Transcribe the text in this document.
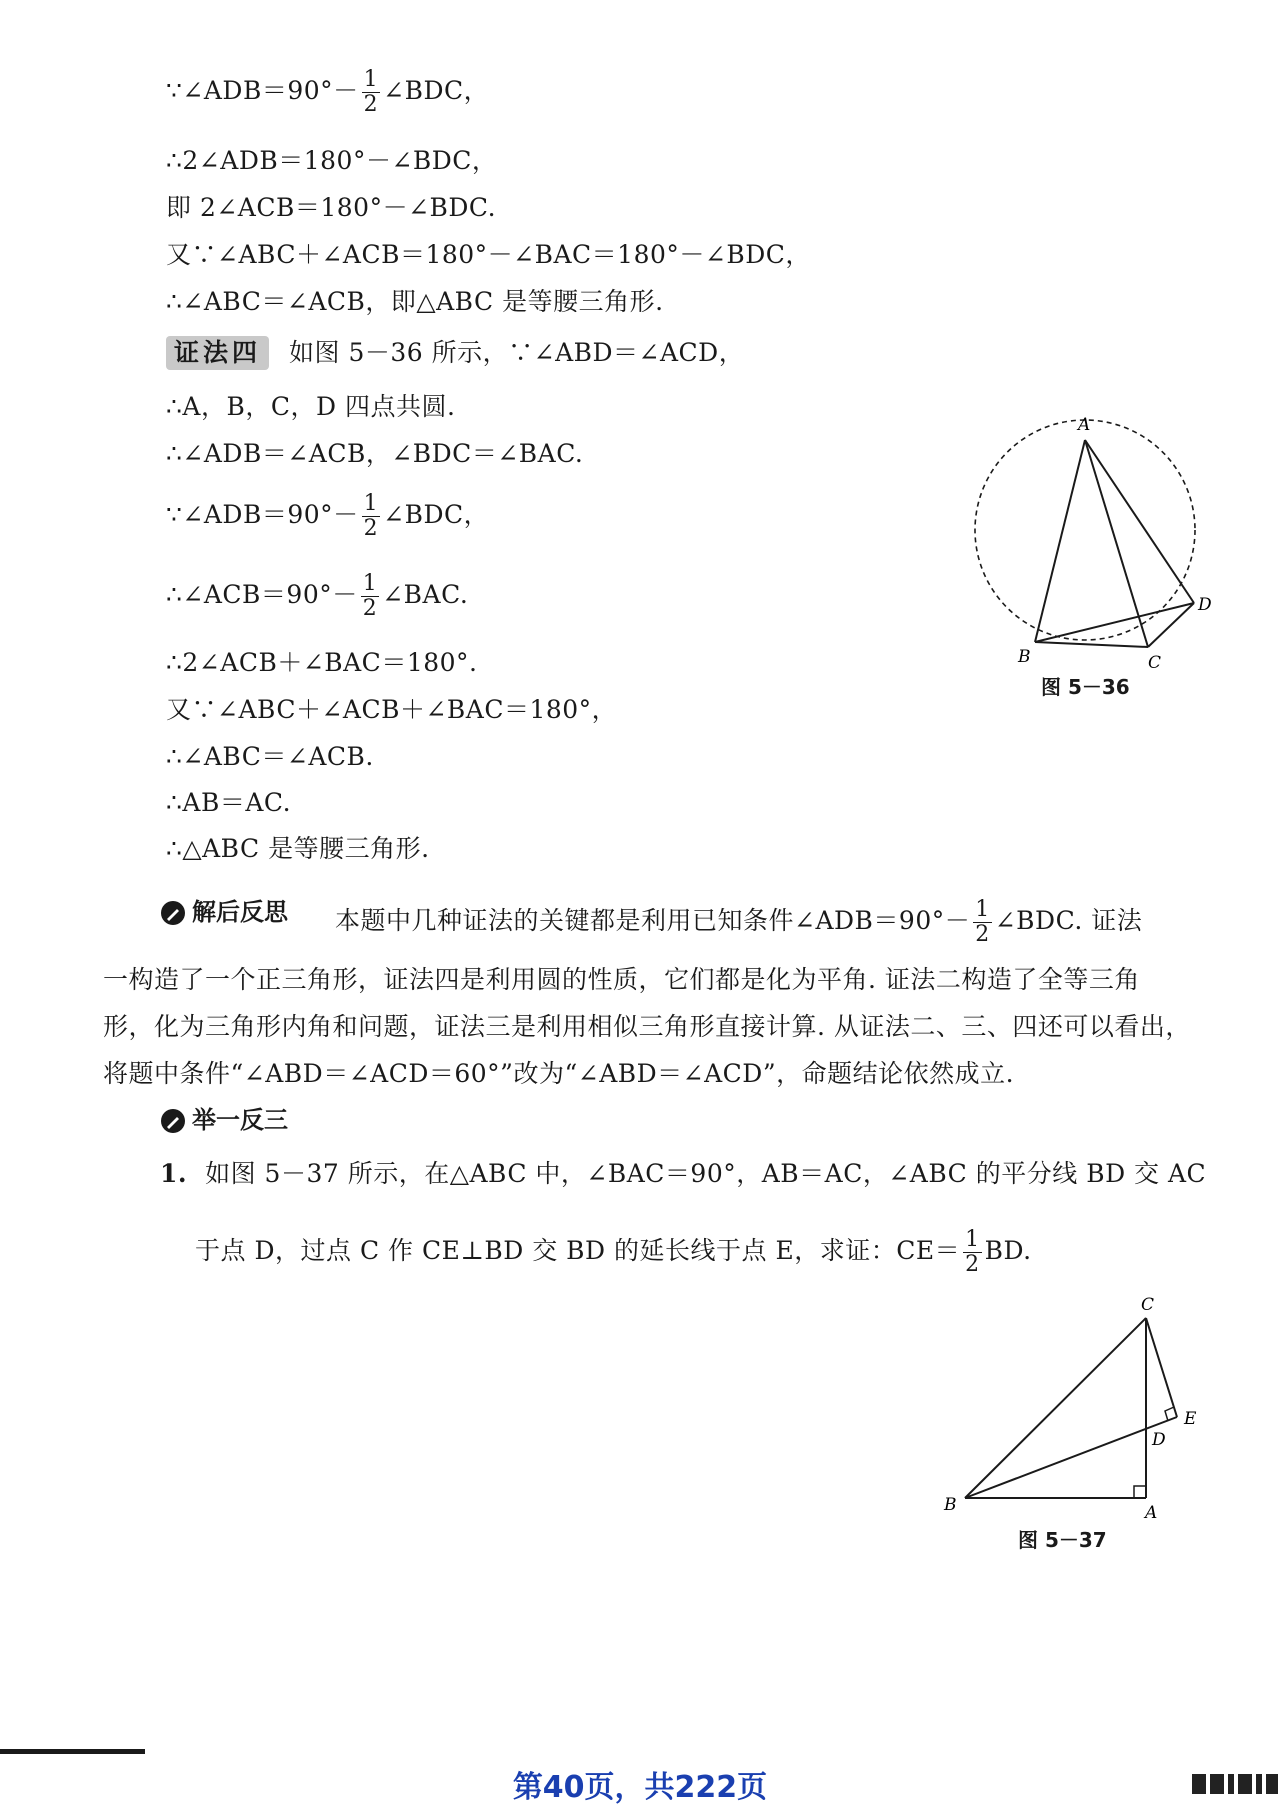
∵∠ADB＝90°－ $\frac{1}{2}$ ∠BDC，
∴2∠ADB＝180°－∠BDC，
即 2∠ACB＝180°－∠BDC.
又∵∠ABC＋∠ACB＝180°－∠BAC＝180°－∠BDC，
∴∠ABC＝∠ACB，即△ABC 是等腰三角形.
证法四 如图 5－36 所示，∵∠ABD＝∠ACD，
∴A，B，C，D 四点共圆.
∴∠ADB＝∠ACB，∠BDC＝∠BAC.
∵∠ADB＝90°－ $\frac{1}{2}$ ∠BDC，
∴∠ACB＝90°－ $\frac{1}{2}$ ∠BAC.
∴2∠ACB＋∠BAC＝180°.
又∵∠ABC＋∠ACB＋∠BAC＝180°，
∴∠ABC＝∠ACB.
∴AB＝AC.
∴△ABC 是等腰三角形.
A
B	C
D
图 5－36
解后反思 本题中几种证法的关键都是利用已知条件∠ADB＝90°－ $\frac{1}{2}$ ∠BDC. 证法
一构造了一个正三角形，证法四是利用圆的性质，它们都是化为平角. 证法二构造了全等三角
形，化为三角形内角和问题，证法三是利用相似三角形直接计算. 从证法二、三、四还可以看出，
将题中条件“∠ABD＝∠ACD＝60°”改为“∠ABD＝∠ACD”，命题结论依然成立.
举一反三
1. 如图 5－37 所示，在△ABC 中，∠BAC＝90°，AB＝AC，∠ABC 的平分线 BD 交 AC
于点 D，过点 C 作 CE⊥BD 交 BD 的延长线于点 E，求证：$CE= \frac{1}{2}$ BD.
C
E
D
B	A
图 5－37
第40页，共222页
